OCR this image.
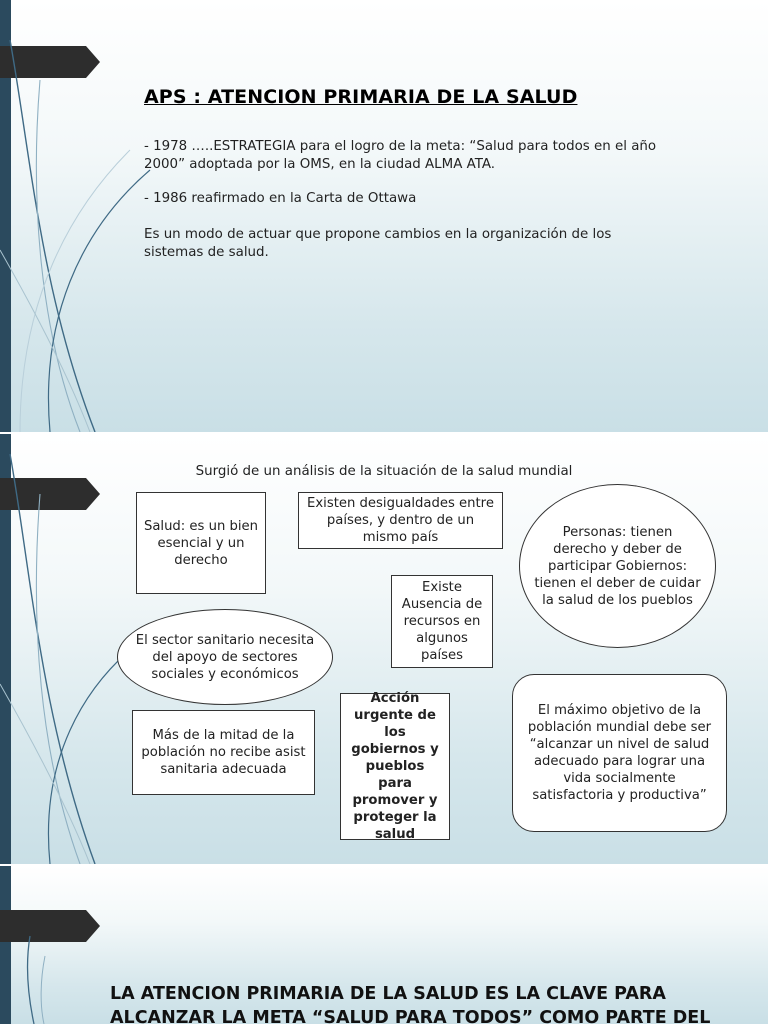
APS : ATENCION PRIMARIA DE LA SALUD
- 1978 …..ESTRATEGIA para el logro de la meta: “Salud para todos en el año 2000” adoptada por la OMS, en la ciudad ALMA ATA.
- 1986 reafirmado en la Carta de Ottawa
Es un modo de actuar que propone cambios en la organización de los sistemas de salud.
Surgió de un análisis de la situación de la salud mundial
Salud: es un bien esencial y un derecho
Existen desigualdades entre países, y dentro de un mismo país	Personas: tienen derecho y deber de participar Gobiernos: tienen el deber de cuidar la salud de los pueblos
Existe Ausencia de recursos en algunos países
El sector sanitario necesita del apoyo de sectores sociales y económicos
Más de la mitad de la población no recibe asist sanitaria adecuada
Acción urgente de los gobiernos y pueblos para promover y proteger la salud
El máximo objetivo de la población mundial debe ser “alcanzar un nivel de salud adecuado para lograr una vida socialmente satisfactoria y productiva”
LA ATENCION PRIMARIA DE LA SALUD ES LA CLAVE PARA ALCANZAR LA META “SALUD PARA TODOS” COMO PARTE DEL
